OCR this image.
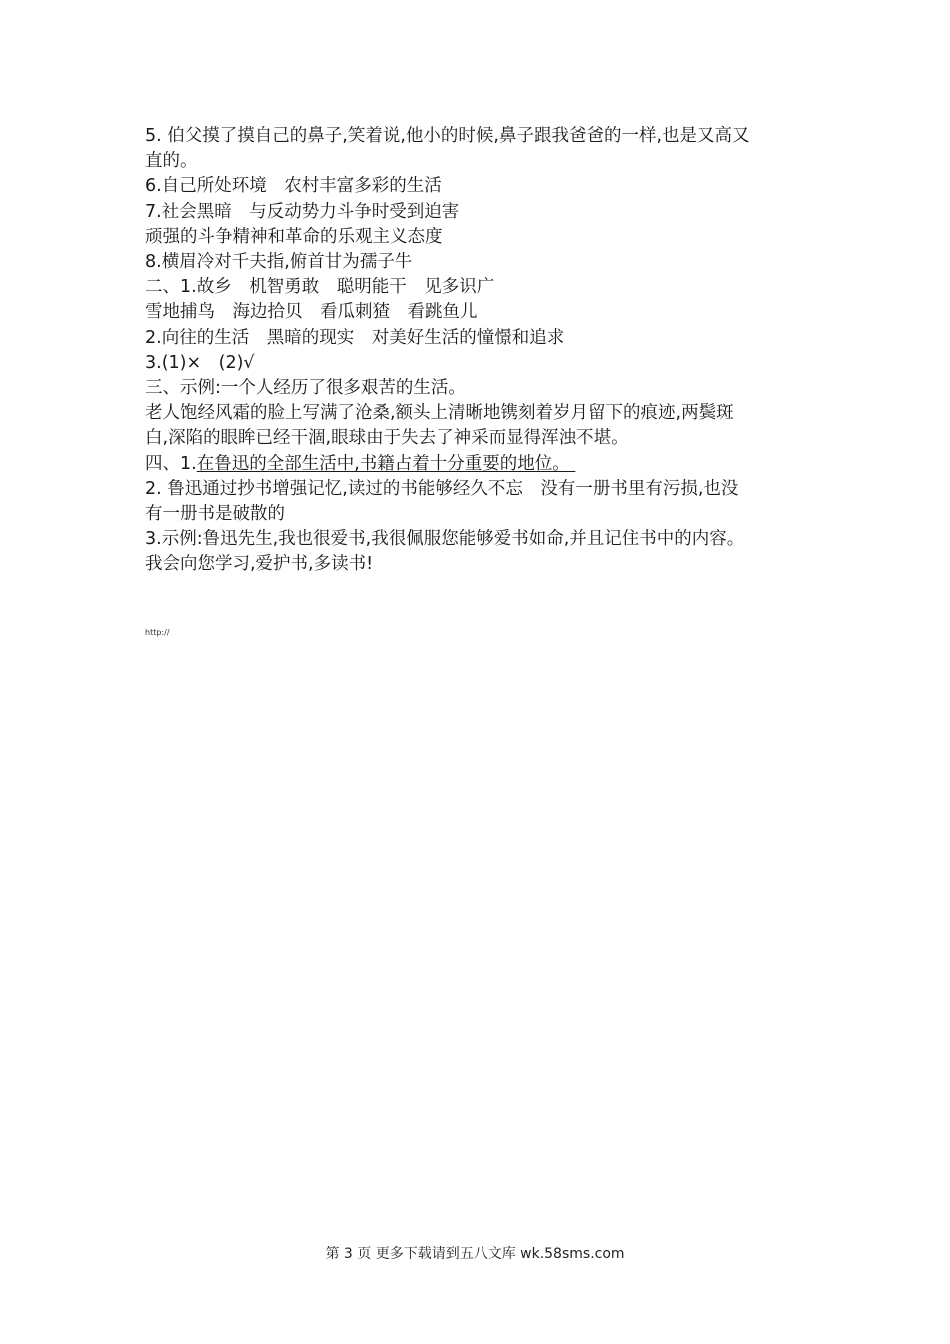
5. 伯父摸了摸自己的鼻子,笑着说,他小的时候,鼻子跟我爸爸的一样,也是又高又
直的。
6.自己所处环境　农村丰富多彩的生活
7.社会黑暗　与反动势力斗争时受到迫害
顽强的斗争精神和革命的乐观主义态度
8.横眉冷对千夫指,俯首甘为孺子牛
二、1.故乡　机智勇敢　聪明能干　见多识广
雪地捕鸟　海边拾贝　看瓜刺猹　看跳鱼儿
2.向往的生活　黑暗的现实　对美好生活的憧憬和追求
3.(1)×　(2)√
三、示例:一个人经历了很多艰苦的生活。
老人饱经风霜的脸上写满了沧桑,额头上清晰地镌刻着岁月留下的痕迹,两鬓斑
白,深陷的眼眸已经干涸,眼球由于失去了神采而显得浑浊不堪。
四、1.在鲁迅的全部生活中,书籍占着十分重要的地位。
2. 鲁迅通过抄书增强记忆,读过的书能够经久不忘　没有一册书里有污损,也没
有一册书是破散的
3.示例:鲁迅先生,我也很爱书,我很佩服您能够爱书如命,并且记住书中的内容。
我会向您学习,爱护书,多读书!
http://
第 3 页 更多下载请到五八文库 wk.58sms.com
